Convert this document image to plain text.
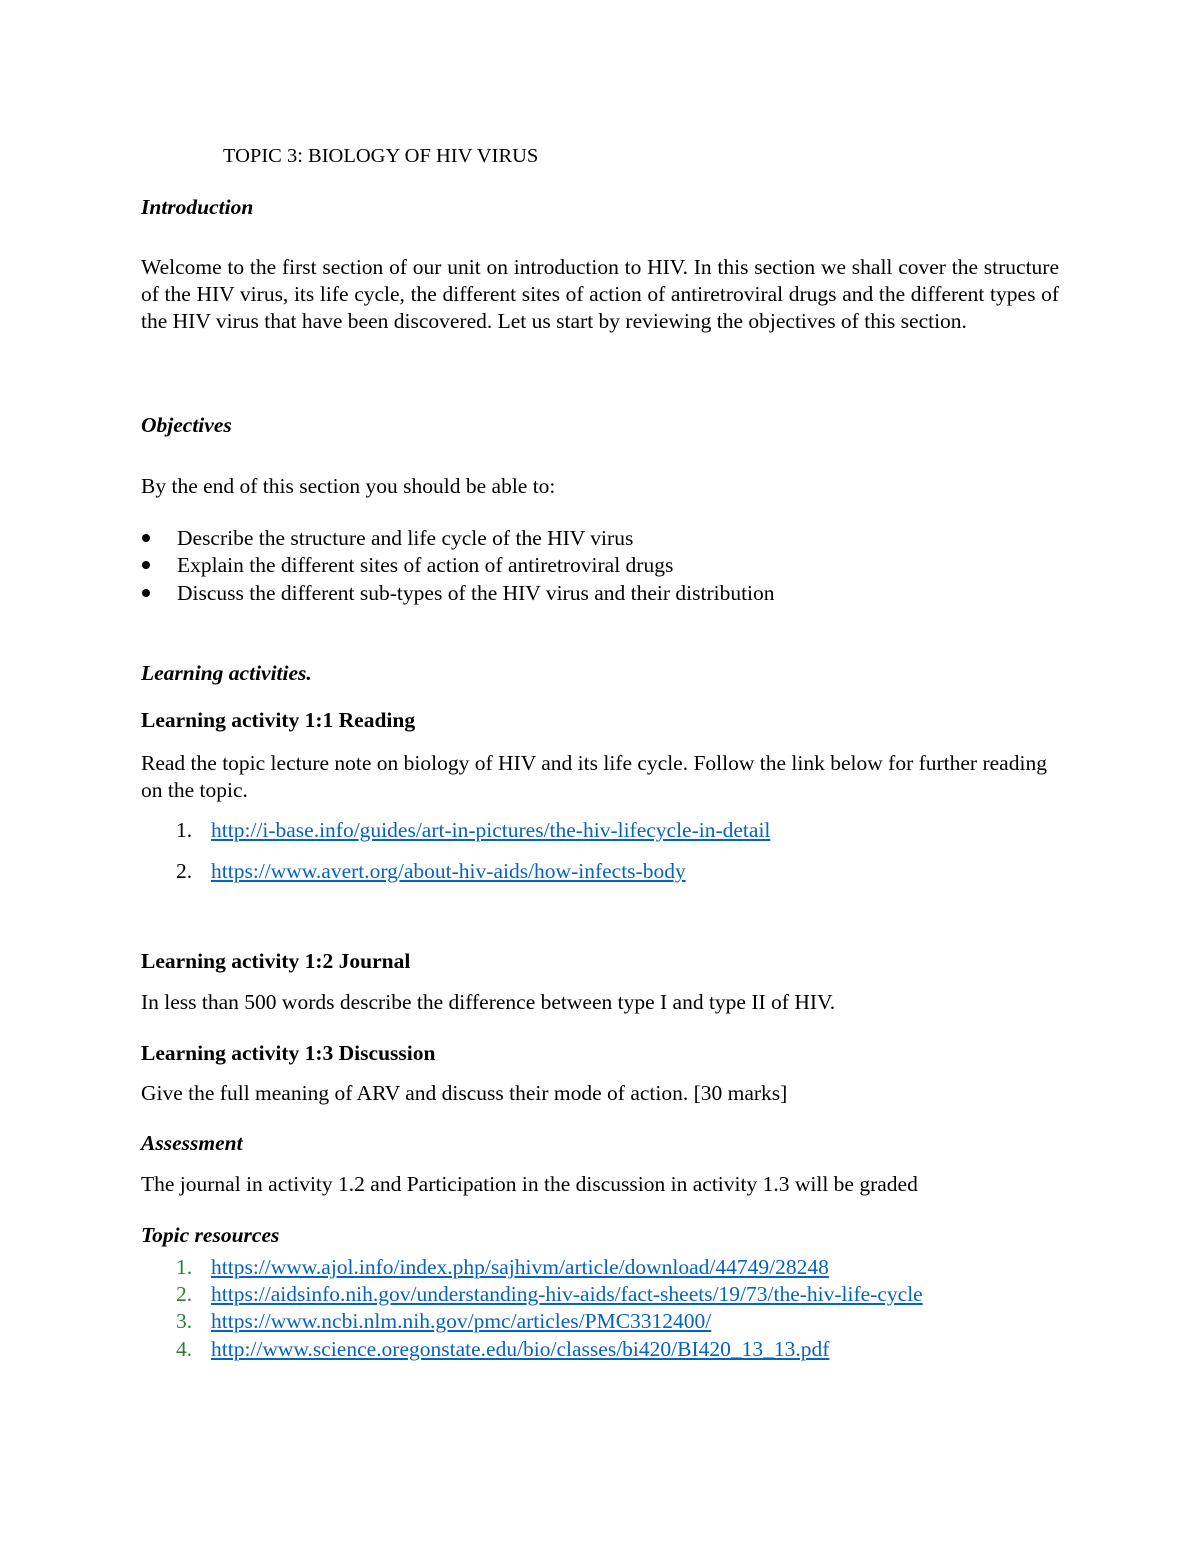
TOPIC 3: BIOLOGY OF HIV VIRUS
Introduction
Welcome to the first section of our unit on introduction to HIV. In this section we shall cover the structure of the HIV virus, its life cycle, the different sites of action of antiretroviral drugs and the different types of the HIV virus that have been discovered. Let us start by reviewing the objectives of this section.
Objectives
By the end of this section you should be able to:
Describe the structure and life cycle of the HIV virus
Explain the different sites of action of antiretroviral drugs
Discuss the different sub-types of the HIV virus and their distribution
Learning activities.
Learning activity 1:1 Reading
Read the topic lecture note on biology of HIV and its life cycle. Follow the link below for further reading on the topic.
1. http://i-base.info/guides/art-in-pictures/the-hiv-lifecycle-in-detail
2. https://www.avert.org/about-hiv-aids/how-infects-body
Learning activity 1:2 Journal
In less than 500 words describe the difference between type I and type II of HIV.
Learning activity 1:3 Discussion
Give the full meaning of ARV and discuss their mode of action. [30 marks]
Assessment
The journal in activity 1.2 and Participation in the discussion in activity 1.3 will be graded
Topic resources
1. https://www.ajol.info/index.php/sajhivm/article/download/44749/28248
2. https://aidsinfo.nih.gov/understanding-hiv-aids/fact-sheets/19/73/the-hiv-life-cycle
3. https://www.ncbi.nlm.nih.gov/pmc/articles/PMC3312400/
4. http://www.science.oregonstate.edu/bio/classes/bi420/BI420_13_13.pdf
